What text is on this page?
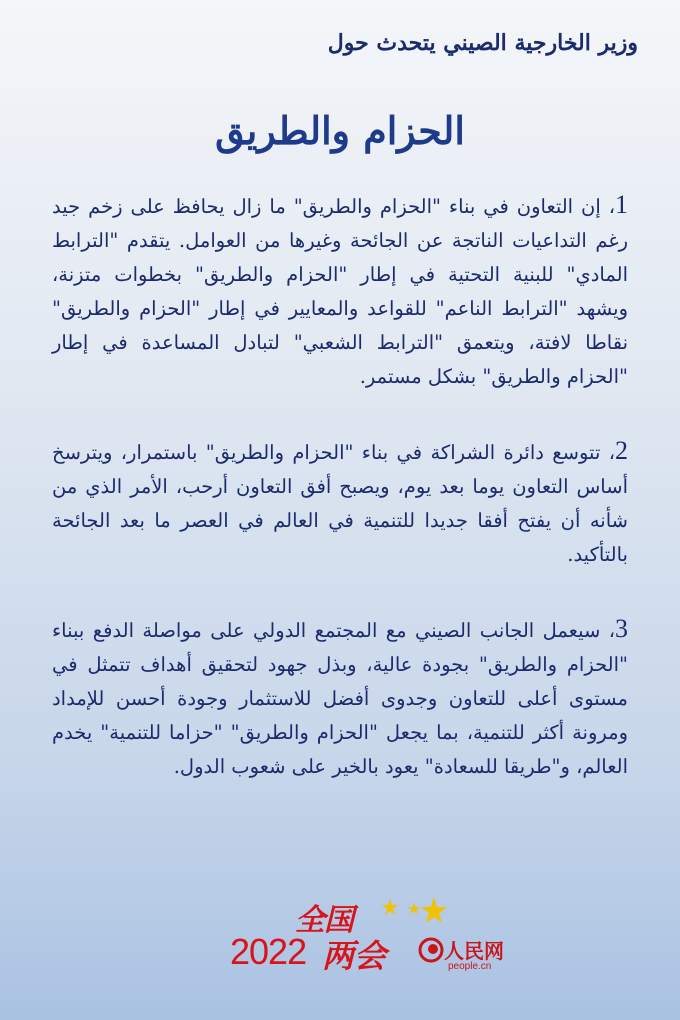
وزير الخارجية الصيني يتحدث حول
الحزام والطريق

1، إن التعاون في بناء "الحزام والطريق" ما زال يحافظ على زخم جيد رغم التداعيات الناتجة عن الجائحة وغيرها من العوامل. يتقدم "الترابط المادي" للبنية التحتية في إطار "الحزام والطريق" بخطوات متزنة، ويشهد "الترابط الناعم" للقواعد والمعايير في إطار "الحزام والطريق" نقاطا لافتة، ويتعمق "الترابط الشعبي" لتبادل المساعدة في إطار "الحزام والطريق" بشكل مستمر.

2، تتوسع دائرة الشراكة في بناء "الحزام والطريق" باستمرار، ويترسخ أساس التعاون يوما بعد يوم، ويصبح أفق التعاون أرحب، الأمر الذي من شأنه أن يفتح أفقا جديدا للتنمية في العالم في العصر ما بعد الجائحة بالتأكيد.

3، سيعمل الجانب الصيني مع المجتمع الدولي على مواصلة الدفع ببناء "الحزام والطريق" بجودة عالية، وبذل جهود لتحقيق أهداف تتمثل في مستوى أعلى للتعاون وجدوى أفضل للاستثمار وجودة أحسن للإمداد ومرونة أكثر للتنمية، بما يجعل "الحزام والطريق" "حزاما للتنمية" يخدم العالم، و"طريقا للسعادة" يعود بالخير على شعوب الدول.

全国
2022 两会	人民网
people.cn
